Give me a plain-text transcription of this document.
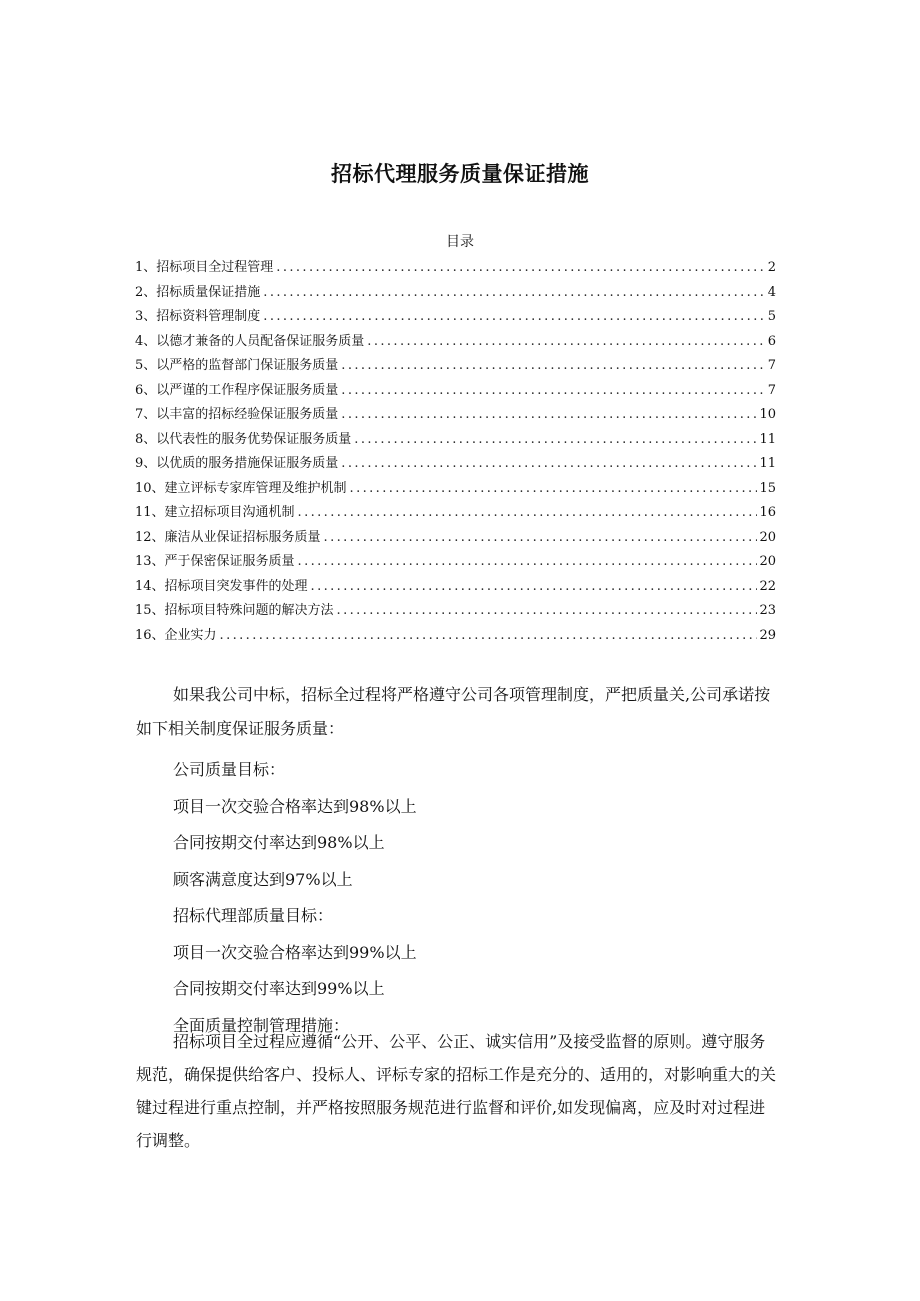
招标代理服务质量保证措施
目录
1、招标项目全过程管理 .....	2
2、招标质量保证措施 .....	4
3、招标资料管理制度 .....	5
4、以德才兼备的人员配备保证服务质量 .....	6
5、以严格的监督部门保证服务质量 .....	7
6、以严谨的工作程序保证服务质量 .....	7
7、以丰富的招标经验保证服务质量 .....	10
8、以代表性的服务优势保证服务质量 .....	11
9、以优质的服务措施保证服务质量 .....	11
10、建立评标专家库管理及维护机制 .....	15
11、建立招标项目沟通机制 .....	16
12、廉洁从业保证招标服务质量 .....	20
13、严于保密保证服务质量 .....	20
14、招标项目突发事件的处理 .....	22
15、招标项目特殊问题的解决方法 .....	23
16、企业实力 .....	29
如果我公司中标，招标全过程将严格遵守公司各项管理制度，严把质量关,公司承诺按如下相关制度保证服务质量：
公司质量目标：
项目一次交验合格率达到98%以上
合同按期交付率达到98%以上
顾客满意度达到97%以上
招标代理部质量目标：
项目一次交验合格率达到99%以上
合同按期交付率达到99%以上
全面质量控制管理措施：
招标项目全过程应遵循“公开、公平、公正、诚实信用”及接受监督的原则。遵守服务规范，确保提供给客户、投标人、评标专家的招标工作是充分的、适用的，对影响重大的关键过程进行重点控制，并严格按照服务规范进行监督和评价,如发现偏离，应及时对过程进行调整。
